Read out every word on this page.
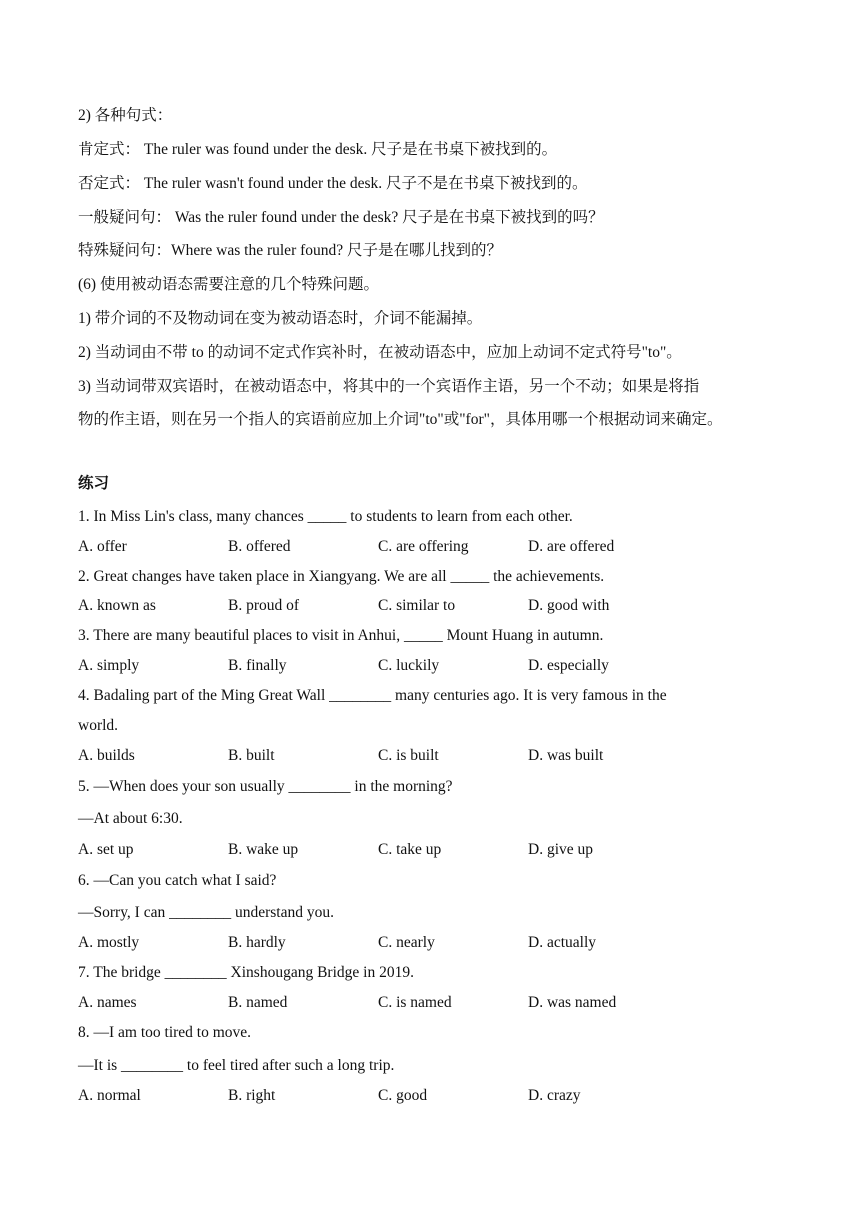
2) 各种句式：
肯定式： The ruler was found under the desk. 尺子是在书桌下被找到的。
否定式： The ruler wasn't found under the desk. 尺子不是在书桌下被找到的。
一般疑问句： Was the ruler found under the desk? 尺子是在书桌下被找到的吗？
特殊疑问句：Where was the ruler found? 尺子是在哪儿找到的？
(6) 使用被动语态需要注意的几个特殊问题。
1) 带介词的不及物动词在变为被动语态时，介词不能漏掉。
2) 当动词由不带 to 的动词不定式作宾补时，在被动语态中，应加上动词不定式符号"to"。
3) 当动词带双宾语时，在被动语态中，将其中的一个宾语作主语，另一个不动；如果是将指
物的作主语，则在另一个指人的宾语前应加上介词"to"或"for"，具体用哪一个根据动词来确定。
练习
1. In Miss Lin's class, many chances _____ to students to learn from each other.
A. offer	B. offered	C. are offering	D. are offered
2. Great changes have taken place in Xiangyang. We are all _____ the achievements.
A. known as	B. proud of	C. similar to	D. good with
3. There are many beautiful places to visit in Anhui, _____ Mount Huang in autumn.
A. simply	B. finally	C. luckily	D. especially
4. Badaling part of the Ming Great Wall ________ many centuries ago. It is very famous in the
world.
A. builds	B. built	C. is built	D. was built
5. ―When does your son usually ________ in the morning?
—At about 6:30.
A. set up	B. wake up	C. take up	D. give up
6. ―Can you catch what I said?
—Sorry, I can ________ understand you.
A. mostly	B. hardly	C. nearly	D. actually
7. The bridge ________ Xinshougang Bridge in 2019.
A. names	B. named	C. is named	D. was named
8. ―I am too tired to move.
—It is ________ to feel tired after such a long trip.
A. normal	B. right	C. good	D. crazy
